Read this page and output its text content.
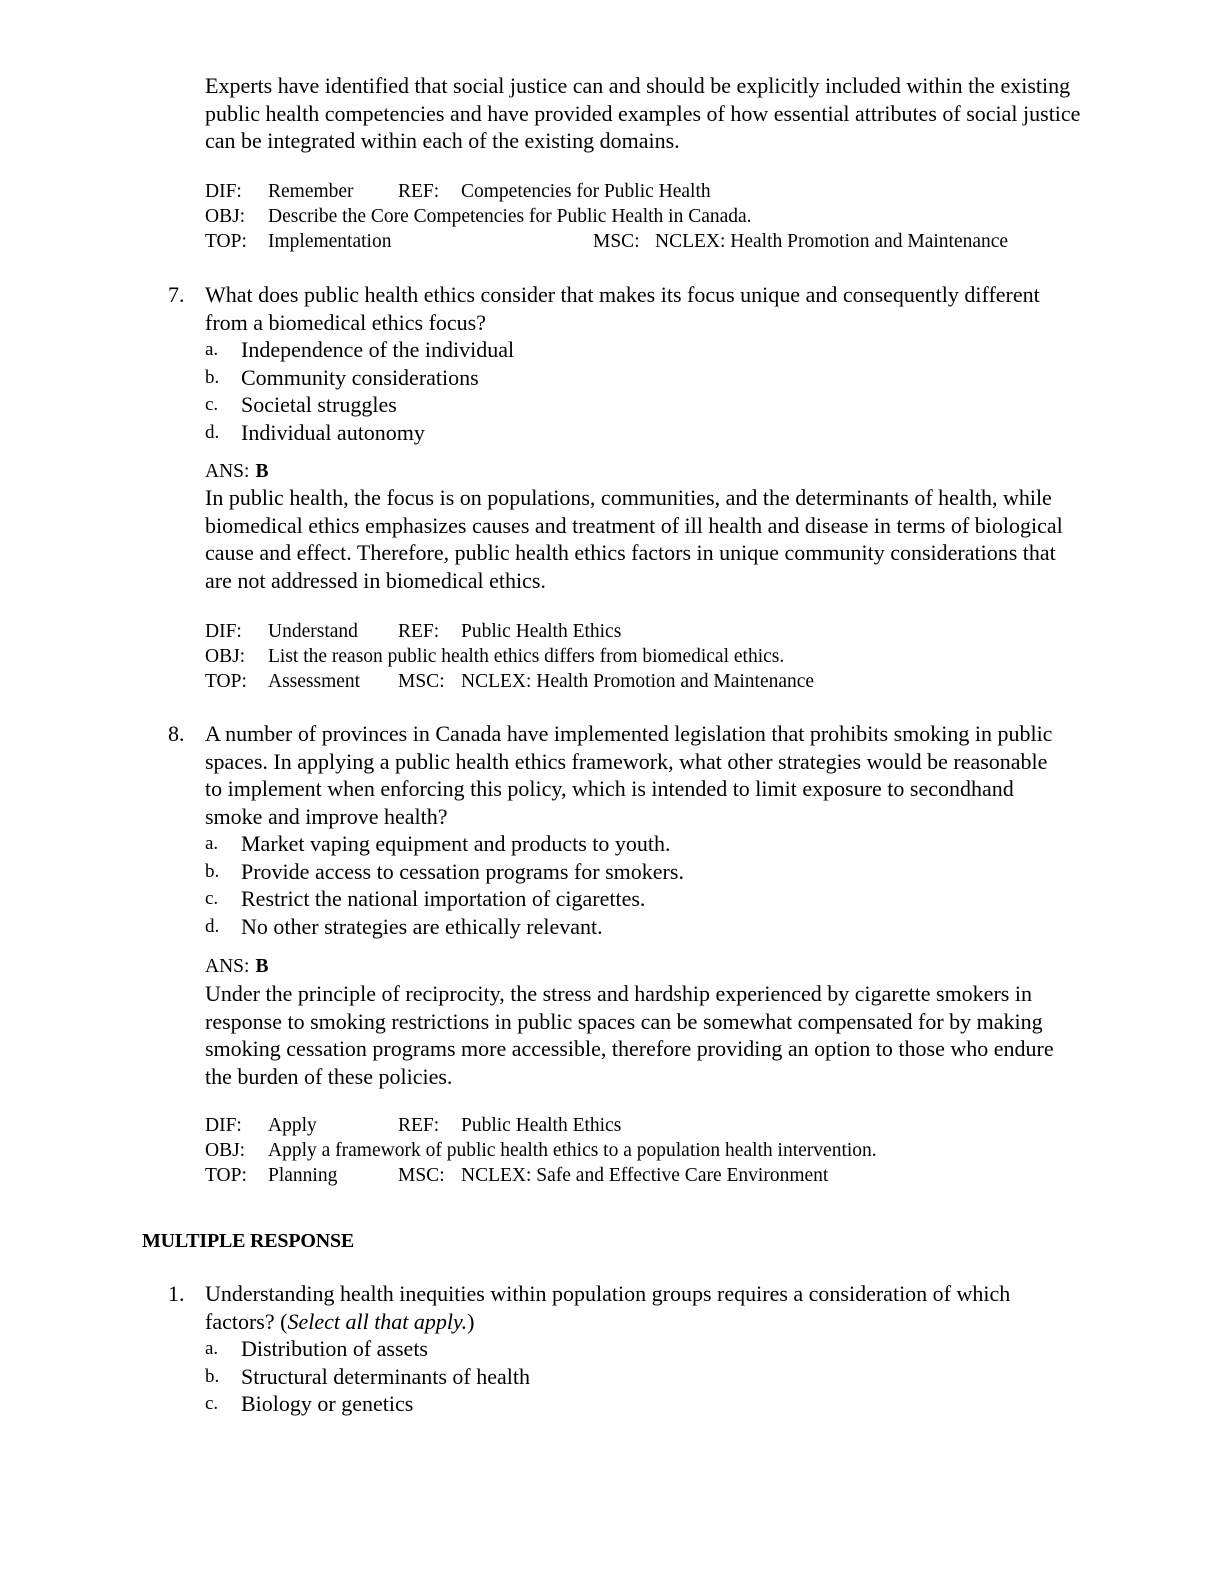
Experts have identified that social justice can and should be explicitly included within the existing public health competencies and have provided examples of how essential attributes of social justice can be integrated within each of the existing domains.

DIF: Remember REF: Competencies for Public Health
OBJ: Describe the Core Competencies for Public Health in Canada.
TOP: Implementation	MSC: NCLEX: Health Promotion and Maintenance
7. What does public health ethics consider that makes its focus unique and consequently different from a biomedical ethics focus?

a. Independence of the individual
b. Community considerations
c. Societal struggles
d. Individual autonomy
ANS: B

In public health, the focus is on populations, communities, and the determinants of health, while biomedical ethics emphasizes causes and treatment of ill health and disease in terms of biological cause and effect. Therefore, public health ethics factors in unique community considerations that are not addressed in biomedical ethics.

DIF: Understand REF: Public Health Ethics
OBJ: List the reason public health ethics differs from biomedical ethics.
TOP: Assessment MSC: NCLEX: Health Promotion and Maintenance
8. A number of provinces in Canada have implemented legislation that prohibits smoking in public spaces. In applying a public health ethics framework, what other strategies would be reasonable to implement when enforcing this policy, which is intended to limit exposure to secondhand smoke and improve health?

a. Market vaping equipment and products to youth.
b. Provide access to cessation programs for smokers.
c. Restrict the national importation of cigarettes.
d. No other strategies are ethically relevant.
ANS: B

Under the principle of reciprocity, the stress and hardship experienced by cigarette smokers in response to smoking restrictions in public spaces can be somewhat compensated for by making smoking cessation programs more accessible, therefore providing an option to those who endure the burden of these policies.

DIF: Apply	REF: Public Health Ethics
OBJ: Apply a framework of public health ethics to a population health intervention.
TOP: Planning	MSC: NCLEX: Safe and Effective Care Environment
MULTIPLE RESPONSE
1. Understanding health inequities within population groups requires a consideration of which factors? (Select all that apply.)

a. Distribution of assets
b. Structural determinants of health
c. Biology or genetics
